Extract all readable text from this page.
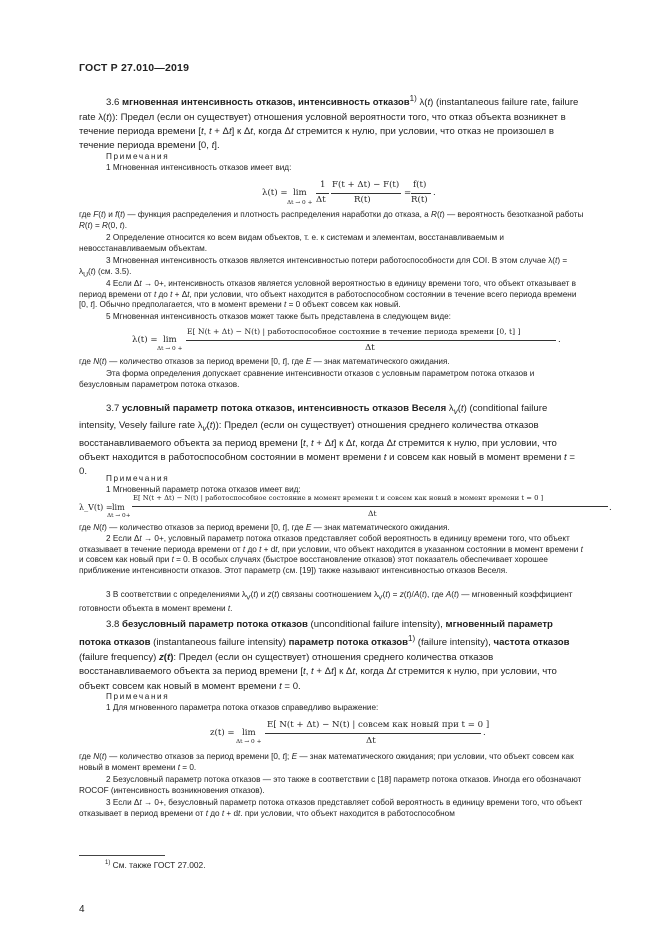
ГОСТ Р 27.010—2019

3.6 мгновенная интенсивность отказов, интенсивность отказов$^{1)}$ λ(t) (instantaneous failure rate, failure rate λ(t)): Предел (если он существует) отношения условной вероятности того, что отказ объекта возникнет в течение периода времени [t, t + Δt] к Δt, когда Δt стремится к нулю, при условии, что отказ не произошел в течение периода времени [0, t].

Примечания

1 Мгновенная интенсивность отказов имеет вид:

λ(t) = lim
Δt → 0 +
1
Δt
F(t + Δt) − F(t)
R(t)
=
f(t)
R(t)
.

где F(t) и f(t) — функция распределения и плотность распределения наработки до отказа, а R(t) — вероятность безотказной работы R(t) = R(0, t).

2 Определение относится ко всем видам объектов, т. е. к системам и элементам, восстанавливаемым и невосстанавливаемым объектам.

3 Мгновенная интенсивность отказов является интенсивностью потери работоспособности для COI. В этом случае $\lambda(t) = \lambda_U(t)$ (см. 3.5).

4 Если Δt → 0+, интенсивность отказов является условной вероятностью в единицу времени того, что объект отказывает в период времени от t до t + Δt, при условии, что объект находится в работоспособном состоянии в течение всего периода времени [0, t]. Обычно предполагается, что в момент времени t = 0 объект совсем как новый.

5 Мгновенная интенсивность отказов может также быть представлена в следующем виде:

λ(t) = lim
Δt → 0 +
E[ N(t + Δt) − N(t) | работоспособное состояние в течение периода времени [0, t] ]
Δt
.

где N(t) — количество отказов за период времени [0, t], где E — знак математического ожидания.

Эта форма определения допускает сравнение интенсивности отказов с условным параметром потока отказов и безусловным параметром потока отказов.

3.7 условный параметр потока отказов, интенсивность отказов Веселя $\lambda_v(t)$ (conditional failure intensity, Vesely failure rate $\lambda_v(t)$): Предел (если он существует) отношения среднего количества отказов восстанавливаемого объекта за период времени [t, t + Δt] к Δt, когда Δt стремится к нулю, при условии, что объект находится в работоспособном состоянии в момент времени t и совсем как новый в момент времени t = 0.

Примечания

1 Мгновенный параметр потока отказов имеет вид:

λ_V(t) = lim
Δt → 0+
E[ N(t + Δt) − N(t) | работоспособное состояние в момент времени t и совсем как новый в момент времени t = 0 ]
Δt
.

где N(t) — количество отказов за период времени [0, t], где E — знак математического ожидания.

2 Если Δt → 0+, условный параметр потока отказов представляет собой вероятность в единицу времени того, что объект отказывает в течение периода времени от t до t + dt, при условии, что объект находится в указанном состоянии в момент времени t и совсем как новый при t = 0. В особых случаях (быстрое восстановление отказов) этот показатель обеспечивает хорошее приближение интенсивности отказов. Этот параметр (см. [19]) также называют интенсивностью отказов Веселя.

3 В соответствии с определениями $\lambda_V(t)$ и z(t) связаны соотношением $\lambda_V(t) = z(t)/A(t)$, где A(t) — мгновенный коэффициент готовности объекта в момент времени t.

3.8 безусловный параметр потока отказов (unconditional failure intensity), мгновенный параметр потока отказов (instantaneous failure intensity) параметр потока отказов$^{1)}$ (failure intensity), частота отказов (failure frequency) z(t): Предел (если он существует) отношения среднего количества отказов восстанавливаемого объекта за период времени [t, t + Δt] к Δt, когда Δt стремится к нулю, при условии, что объект совсем как новый в момент времени t = 0.

Примечания

1 Для мгновенного параметра потока отказов справедливо выражение:

z(t) = lim
Δt → 0 +
E[ N(t + Δt) − N(t) | совсем как новый при t = 0 ]
Δt
.

где N(t) — количество отказов за период времени [0, t]; E — знак математического ожидания; при условии, что объект совсем как новый в момент времени t = 0.

2 Безусловный параметр потока отказов — это также в соответствии с [18] параметр потока отказов. Иногда его обозначают ROCOF (интенсивность возникновения отказов).

3 Если Δt → 0+, безусловный параметр потока отказов представляет собой вероятность в единицу времени того, что объект отказывает в период времени от t до t + dt. при условии, что объект находится в работоспособном

$^{1)}$ См. также ГОСТ 27.002.
4
